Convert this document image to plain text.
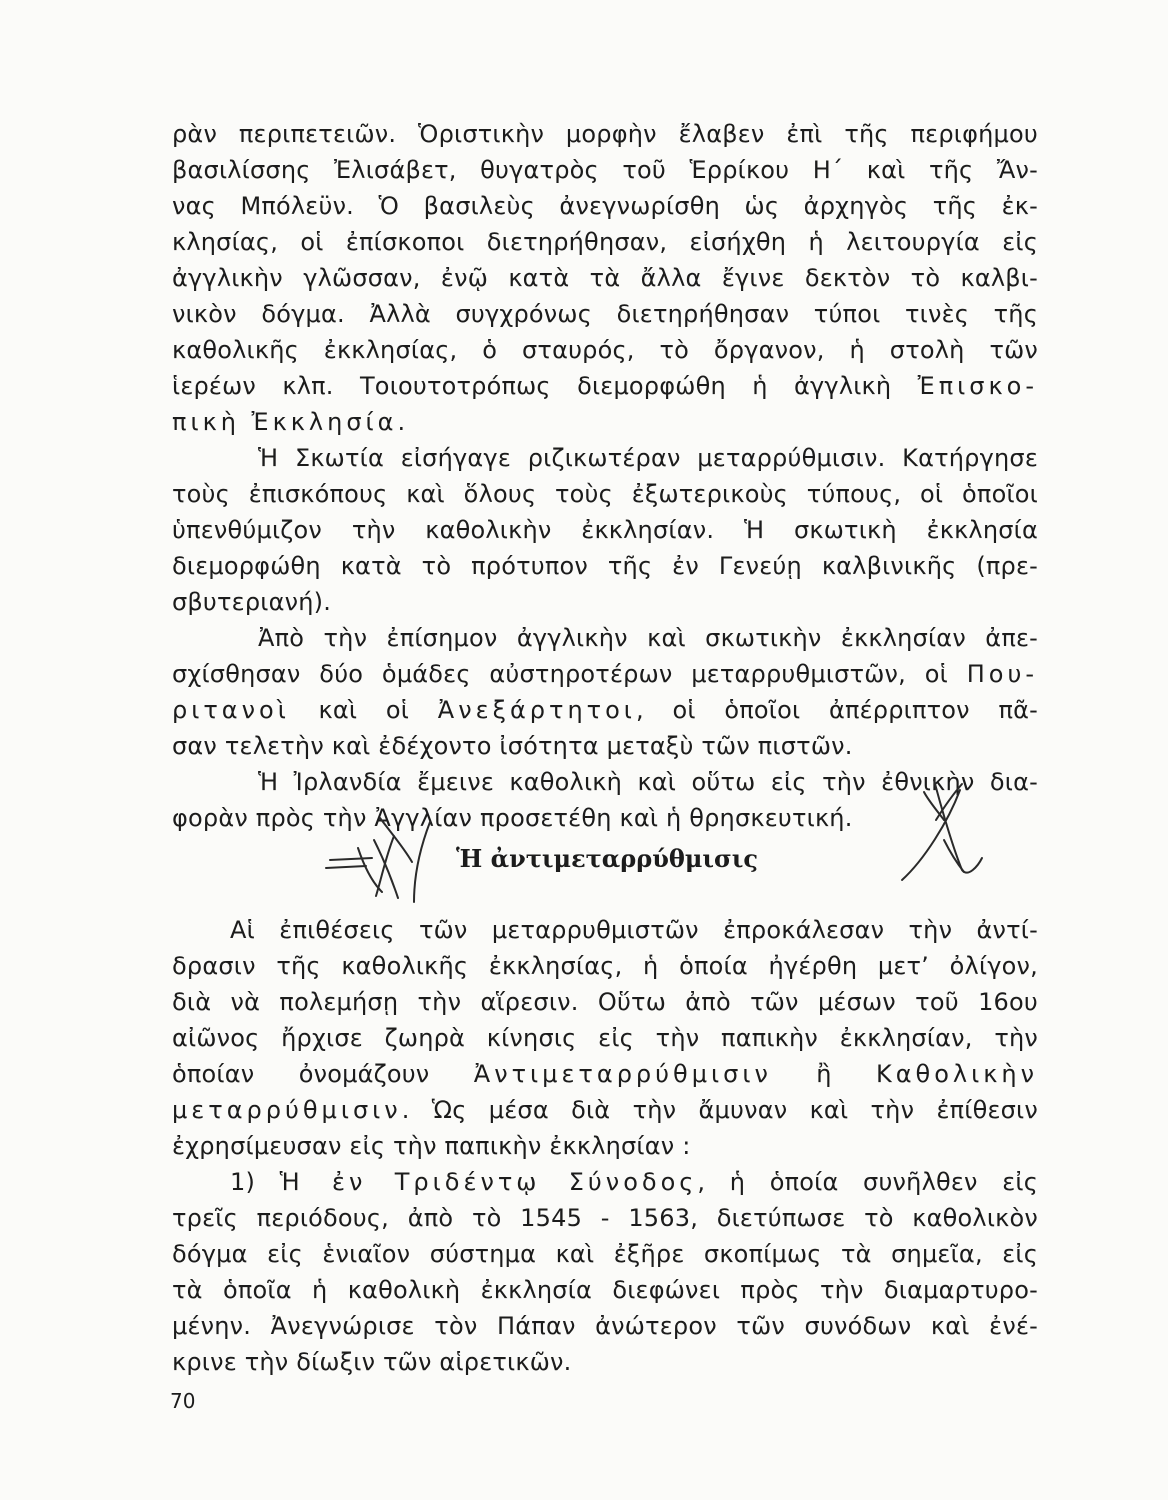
ρὰν περιπετειῶν. Ὁριστικὴν μορφὴν ἔλαβεν ἐπὶ τῆς περιφήμου
βασιλίσσης Ἐλισάβετ, θυγατρὸς τοῦ Ἑρρίκου Η΄ καὶ τῆς Ἄν-
νας Μπόλεϋν. Ὁ βασιλεὺς ἀνεγνωρίσθη ὡς ἀρχηγὸς τῆς ἐκ-
κλησίας, οἱ ἐπίσκοποι διετηρήθησαν, εἰσήχθη ἡ λειτουργία εἰς
ἀγγλικὴν γλῶσσαν, ἐνῷ κατὰ τὰ ἄλλα ἔγινε δεκτὸν τὸ καλβι-
νικὸν δόγμα. Ἀλλὰ συγχρόνως διετηρήθησαν τύποι τινὲς τῆς
καθολικῆς ἐκκλησίας, ὁ σταυρός, τὸ ὄργανον, ἡ στολὴ τῶν
ἱερέων κλπ. Τοιουτοτρόπως διεμορφώθη ἡ ἀγγλικὴ Ἐπισκο-
πικὴ Ἐκκλησία.
Ἡ Σκωτία εἰσήγαγε ριζικωτέραν μεταρρύθμισιν. Κατήργησε
τοὺς ἐπισκόπους καὶ ὅλους τοὺς ἐξωτερικοὺς τύπους, οἱ ὁποῖοι
ὑπενθύμιζον τὴν καθολικὴν ἐκκλησίαν. Ἡ σκωτικὴ ἐκκλησία
διεμορφώθη κατὰ τὸ πρότυπον τῆς ἐν Γενεύῃ καλβινικῆς (πρε-
σβυτεριανή).
Ἀπὸ τὴν ἐπίσημον ἀγγλικὴν καὶ σκωτικὴν ἐκκλησίαν ἀπε-
σχίσθησαν δύο ὁμάδες αὐστηροτέρων μεταρρυθμιστῶν, οἱ Που-
ριτανοὶ καὶ οἱ Ἀνεξάρτητοι, οἱ ὁποῖοι ἀπέρριπτον πᾶ-
σαν τελετὴν καὶ ἐδέχοντο ἰσότητα μεταξὺ τῶν πιστῶν.
Ἡ Ἰρλανδία ἔμεινε καθολικὴ καὶ οὕτω εἰς τὴν ἐθνικὴν δια-
φορὰν πρὸς τὴν Ἀγγλίαν προσετέθη καὶ ἡ θρησκευτική.
Αἱ ἐπιθέσεις τῶν μεταρρυθμιστῶν ἐπροκάλεσαν τὴν ἀντί-
δρασιν τῆς καθολικῆς ἐκκλησίας, ἡ ὁποία ἠγέρθη μετ’ ὀλίγον,
διὰ νὰ πολεμήσῃ τὴν αἵρεσιν. Οὕτω ἀπὸ τῶν μέσων τοῦ 16ου
αἰῶνος ἤρχισε ζωηρὰ κίνησις εἰς τὴν παπικὴν ἐκκλησίαν, τὴν
ὁποίαν ὀνομάζουν Ἀντιμεταρρύθμισιν ἢ Καθολικὴν
μεταρρύθμισιν. Ὡς μέσα διὰ τὴν ἄμυναν καὶ τὴν ἐπίθεσιν
ἐχρησίμευσαν εἰς τὴν παπικὴν ἐκκλησίαν :
1) Ἡ ἐν Τριδέντῳ Σύνοδος, ἡ ὁποία συνῆλθεν εἰς
τρεῖς περιόδους, ἀπὸ τὸ 1545 - 1563, διετύπωσε τὸ καθολικὸν
δόγμα εἰς ἑνιαῖον σύστημα καὶ ἐξῆρε σκοπίμως τὰ σημεῖα, εἰς
τὰ ὁποῖα ἡ καθολικὴ ἐκκλησία διεφώνει πρὸς τὴν διαμαρτυρο-
μένην. Ἀνεγνώρισε τὸν Πάπαν ἀνώτερον τῶν συνόδων καὶ ἐνέ-
κρινε τὴν δίωξιν τῶν αἱρετικῶν.
Ἡ ἀντιμεταρρύθμισις
70
